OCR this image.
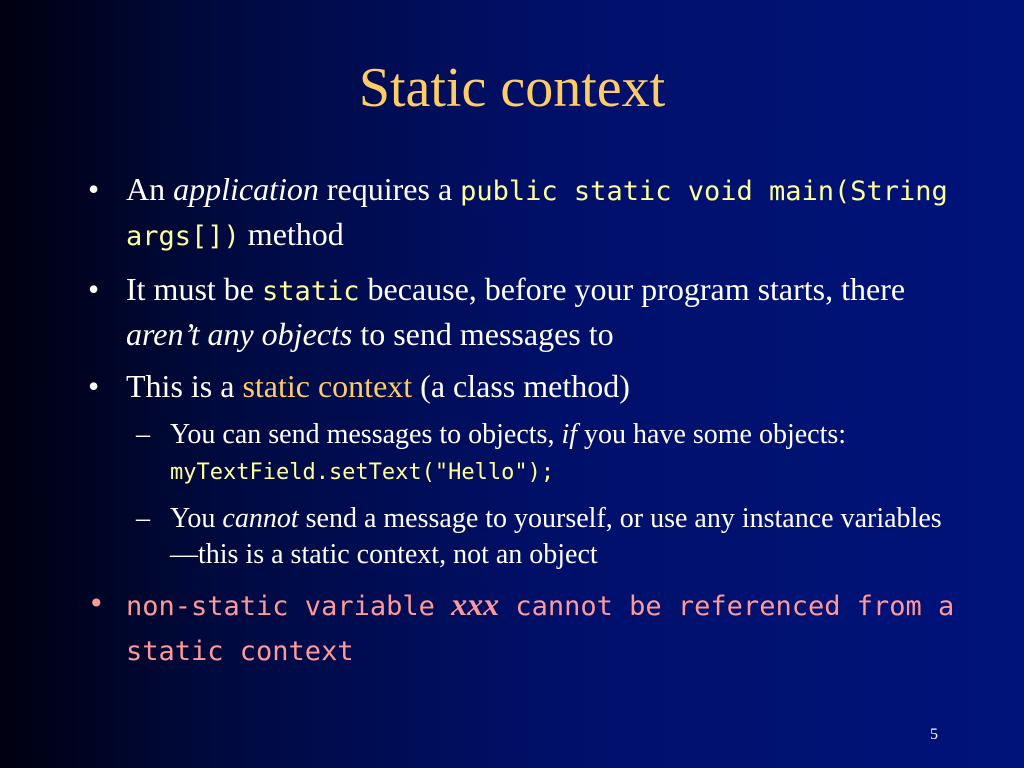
Static context
• An application requires a public static void main(String args[]) method
• It must be static because, before your program starts, there aren’t any objects to send messages to
• This is a static context (a class method)
– You can send messages to objects, if you have some objects: myTextField.setText("Hello");
– You cannot send a message to yourself, or use any instance variables—this is a static context, not an object
• non-static variable xxx cannot be referenced from a static context
5
